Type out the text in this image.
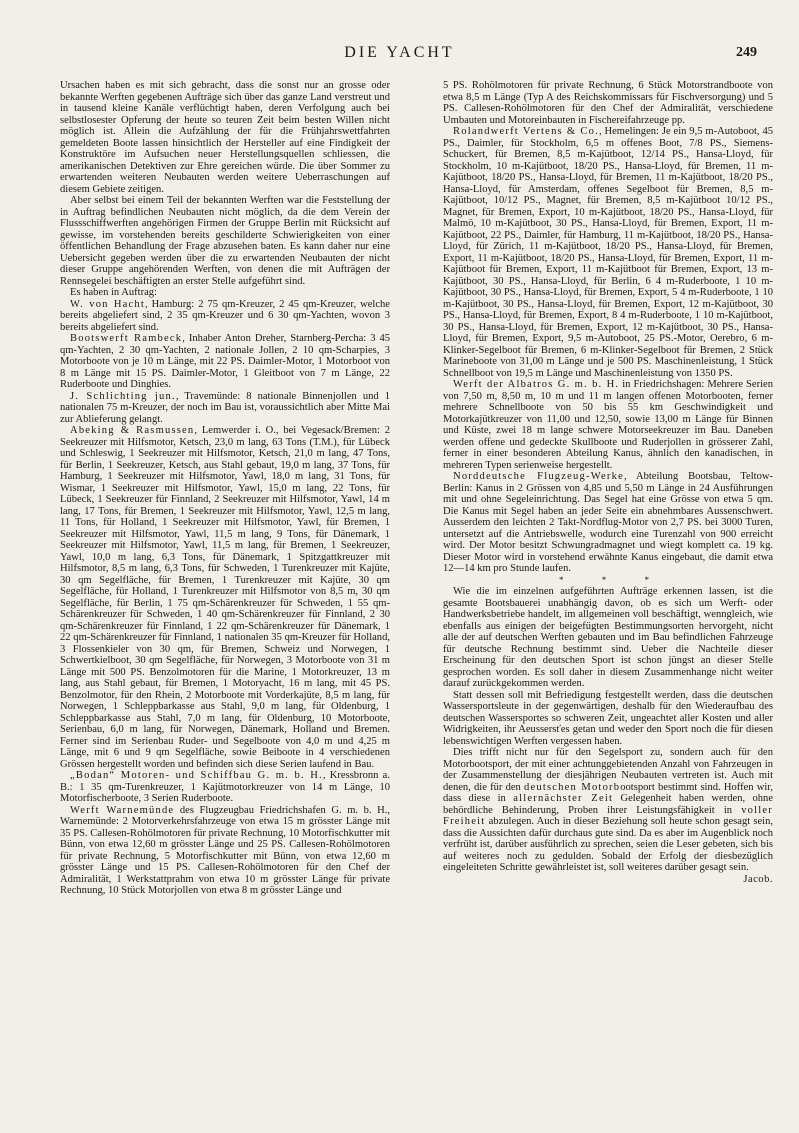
DIE YACHT	249

Ursachen haben es mit sich gebracht, dass die sonst nur an grosse oder bekannte Werften gegebenen Aufträge sich über das ganze Land verstreut und in tausend kleine Kanäle verflüchtigt haben, deren Verfolgung auch bei selbstlosester Opferung der heute so teuren Zeit beim besten Willen nicht möglich ist. Allein die Aufzählung der für die Frühjahrswettfahrten gemeldeten Boote lassen hinsichtlich der Hersteller auf eine Findigkeit der Konstruktöre im Aufsuchen neuer Herstellungsquellen schliessen, die amerikanischen Detektiven zur Ehre gereichen würde. Die über Sommer zu erwartenden weiteren Neubauten werden weitere Ueberraschungen auf diesem Gebiete zeitigen.

Aber selbst bei einem Teil der bekannten Werften war die Feststellung der in Auftrag befindlichen Neubauten nicht möglich, da die dem Verein der Flussschiffwerften angehörigen Firmen der Gruppe Berlin mit Rücksicht auf gewisse, im vorstehenden bereits geschilderte Schwierigkeiten von einer öffentlichen Behandlung der Frage abzusehen baten. Es kann daher nur eine Uebersicht gegeben werden über die zu erwartenden Neubauten der nicht dieser Gruppe angehörenden Werften, von denen die mit Aufträgen der Rennsegelei beschäftigten an erster Stelle aufgeführt sind.

Es haben in Auftrag:

W. von Hacht, Hamburg: 2 75 qm-Kreuzer, 2 45 qm-Kreuzer, welche bereits abgeliefert sind, 2 35 qm-Kreuzer und 6 30 qm-Yachten, wovon 3 bereits abgeliefert sind.

Bootswerft Rambeck, Inhaber Anton Dreher, Starnberg-Percha: 3 45 qm-Yachten, 2 30 qm-Yachten, 2 nationale Jollen, 2 10 qm-Scharpies, 3 Motorboote von je 10 m Länge, mit 22 PS. Daimler-Motor, 1 Motorboot von 8 m Länge mit 15 PS. Daimler-Motor, 1 Gleitboot von 7 m Länge, 22 Ruderboote und Dinghies.

J. Schlichting jun., Travemünde: 8 nationale Binnenjollen und 1 nationalen 75 m-Kreuzer, der noch im Bau ist, voraussichtlich aber Mitte Mai zur Ablieferung gelangt.

Abeking & Rasmussen, Lemwerder i. O., bei Vegesack/Bremen: 2 Seekreuzer mit Hilfsmotor, Ketsch, 23,0 m lang, 63 Tons (T.M.), für Lübeck und Schleswig, 1 Seekreuzer mit Hilfsmotor, Ketsch, 21,0 m lang, 47 Tons, für Berlin, 1 Seekreuzer, Ketsch, aus Stahl gebaut, 19,0 m lang, 37 Tons, für Hamburg, 1 Seekreuzer mit Hilfsmotor, Yawl, 18,0 m lang, 31 Tons, für Wismar, 1 Seekreuzer mit Hilfsmotor, Yawl, 15,0 m lang, 22 Tons, für Lübeck, 1 Seekreuzer für Finnland, 2 Seekreuzer mit Hilfsmotor, Yawl, 14 m lang, 17 Tons, für Bremen, 1 Seekreuzer mit Hilfsmotor, Yawl, 12,5 m lang, 11 Tons, für Holland, 1 Seekreuzer mit Hilfsmotor, Yawl, für Bremen, 1 Seekreuzer mit Hilfsmotor, Yawl, 11,5 m lang, 9 Tons, für Dänemark, 1 Seekreuzer mit Hilfsmotor, Yawl, 11,5 m lang, für Bremen, 1 Seekreuzer, Yawl, 10,0 m lang, 6,3 Tons, für Dänemark, 1 Spitzgattkreuzer mit Hilfsmotor, 8,5 m lang, 6,3 Tons, für Schweden, 1 Turenkreuzer mit Kajüte, 30 qm Segelfläche, für Bremen, 1 Turenkreuzer mit Kajüte, 30 qm Segelfläche, für Holland, 1 Turenkreuzer mit Hilfsmotor von 8,5 m, 30 qm Segelfläche, für Berlin, 1 75 qm-Schärenkreuzer für Schweden, 1 55 qm-Schärenkreuzer für Schweden, 1 40 qm-Schärenkreuzer für Finnland, 2 30 qm-Schärenkreuzer für Finnland, 1 22 qm-Schärenkreuzer für Dänemark, 1 22 qm-Schärenkreuzer für Finnland, 1 nationalen 35 qm-Kreuzer für Holland, 3 Flossenkieler von 30 qm, für Bremen, Schweiz und Norwegen, 1 Schwertkielboot, 30 qm Segelfläche, für Norwegen, 3 Motorboote von 31 m Länge mit 500 PS. Benzolmotoren für die Marine, 1 Motorkreuzer, 13 m lang, aus Stahl gebaut, für Bremen, 1 Motoryacht, 16 m lang, mit 45 PS. Benzolmotor, für den Rhein, 2 Motorboote mit Vorderkajüte, 8,5 m lang, für Norwegen, 1 Schleppbarkasse aus Stahl, 9,0 m lang, für Oldenburg, 1 Schleppbarkasse aus Stahl, 7,0 m lang, für Oldenburg, 10 Motorboote, Serienbau, 6,0 m lang, für Norwegen, Dänemark, Holland und Bremen. Ferner sind im Serienbau Ruder- und Segelboote von 4,0 m und 4,25 m Länge, mit 6 und 9 qm Segelfläche, sowie Beiboote in 4 verschiedenen Grössen hergestellt worden und befinden sich diese Serien laufend in Bau.

„Bodan“ Motoren- und Schiffbau G. m. b. H., Kressbronn a. B.: 1 35 qm-Turenkreuzer, 1 Kajütmotorkreuzer von 14 m Länge, 10 Motorfischerboote, 3 Serien Ruderboote.

Werft Warnemünde des Flugzeugbau Friedrichshafen G. m. b. H., Warnemünde: 2 Motorverkehrsfahrzeuge von etwa 15 m grösster Länge mit 35 PS. Callesen-Rohölmotoren für private Rechnung, 10 Motorfischkutter mit Bünn, von etwa 12,60 m grösster Länge und 25 PS. Callesen-Rohölmotoren für private Rechnung, 5 Motorfischkutter mit Bünn, von etwa 12,60 m grösster Länge und 15 PS. Callesen-Rohölmotoren für den Chef der Admiralität, 1 Werkstattprahm von etwa 10 m grösster Länge für private Rechnung, 10 Stück Motorjollen von etwa 8 m grösster Länge und

5 PS. Rohölmotoren für private Rechnung, 6 Stück Motorstrandboote von etwa 8,5 m Länge (Typ A des Reichskommissars für Fischversorgung) und 5 PS. Callesen-Rohölmotoren für den Chef der Admiralität, verschiedene Umbauten und Motoreinbauten in Fischereifahrzeuge pp.

Rolandwerft Vertens & Co., Hemelingen: Je ein 9,5 m-Autoboot, 45 PS., Daimler, für Stockholm, 6,5 m offenes Boot, 7/8 PS., Siemens-Schuckert, für Bremen, 8,5 m-Kajütboot, 12/14 PS., Hansa-Lloyd, für Stockholm, 10 m-Kajütboot, 18/20 PS., Hansa-Lloyd, für Bremen, 11 m-Kajütboot, 18/20 PS., Hansa-Lloyd, für Bremen, 11 m-Kajütboot, 18/20 PS., Hansa-Lloyd, für Amsterdam, offenes Segelboot für Bremen, 8,5 m-Kajütboot, 10/12 PS., Magnet, für Bremen, 8,5 m-Kajütboot 10/12 PS., Magnet, für Bremen, Export, 10 m-Kajütboot, 18/20 PS., Hansa-Lloyd, für Malmö, 10 m-Kajütboot, 30 PS., Hansa-Lloyd, für Bremen, Export, 11 m-Kajütboot, 22 PS., Daimler, für Hamburg, 11 m-Kajütboot, 18/20 PS., Hansa-Lloyd, für Zürich, 11 m-Kajütboot, 18/20 PS., Hansa-Lloyd, für Bremen, Export, 11 m-Kajütboot, 18/20 PS., Hansa-Lloyd, für Bremen, Export, 11 m-Kajütboot für Bremen, Export, 11 m-Kajütboot für Bremen, Export, 13 m-Kajütboot, 30 PS., Hansa-Lloyd, für Berlin, 6 4 m-Ruderboote, 1 10 m-Kajütboot, 30 PS., Hansa-Lloyd, für Bremen, Export, 5 4 m-Ruderboote, 1 10 m-Kajütboot, 30 PS., Hansa-Lloyd, für Bremen, Export, 12 m-Kajütboot, 30 PS., Hansa-Lloyd, für Bremen, Export, 8 4 m-Ruderboote, 1 10 m-Kajütboot, 30 PS., Hansa-Lloyd, für Bremen, Export, 12 m-Kajütboot, 30 PS., Hansa-Lloyd, für Bremen, Export, 9,5 m-Autoboot, 25 PS.-Motor, Oerebro, 6 m-Klinker-Segelboot für Bremen, 6 m-Klinker-Segelboot für Bremen, 2 Stück Marineboote von 31,00 m Länge und je 500 PS. Maschinenleistung, 1 Stück Schnellboot von 19,5 m Länge und Maschinenleistung von 1350 PS.

Werft der Albatros G. m. b. H. in Friedrichshagen: Mehrere Serien von 7,50 m, 8,50 m, 10 m und 11 m langen offenen Motorbooten, ferner mehrere Schnellboote von 50 bis 55 km Geschwindigkeit und Motorkajütkreuzer von 11,00 und 12,50, sowie 13,00 m Länge für Binnen und Küste, zwei 18 m lange schwere Motorseekreuzer im Bau. Daneben werden offene und gedeckte Skullboote und Ruderjollen in grösserer Zahl, ferner in einer besonderen Abteilung Kanus, ähnlich den kanadischen, in mehreren Typen serienweise hergestellt.

Norddeutsche Flugzeug-Werke, Abteilung Bootsbau, Teltow-Berlin: Kanus in 2 Grössen von 4,85 und 5,50 m Länge in 24 Ausführungen mit und ohne Segeleinrichtung. Das Segel hat eine Grösse von etwa 5 qm. Die Kanus mit Segel haben an jeder Seite ein abnehmbares Aussenschwert. Ausserdem den leichten 2 Takt-Nordflug-Motor von 2,7 PS. bei 3000 Turen, untersetzt auf die Antriebswelle, wodurch eine Turenzahl von 900 erreicht wird. Der Motor besitzt Schwungradmagnet und wiegt komplett ca. 19 kg. Dieser Motor wird in vorstehend erwähnte Kanus eingebaut, die damit etwa 12—14 km pro Stunde laufen.

* * *

Wie die im einzelnen aufgeführten Aufträge erkennen lassen, ist die gesamte Bootsbauerei unabhängig davon, ob es sich um Werft- oder Handwerksbetriebe handelt, im allgemeinen voll beschäftigt, wenngleich, wie ebenfalls aus einigen der beigefügten Bestimmungsorten hervorgeht, nicht alle der auf deutschen Werften gebauten und im Bau befindlichen Fahrzeuge für deutsche Rechnung bestimmt sind. Ueber die Nachteile dieser Erscheinung für den deutschen Sport ist schon jüngst an dieser Stelle gesprochen worden. Es soll daher in diesem Zusammenhange nicht weiter darauf zurückgekommen werden.

Statt dessen soll mit Befriedigung festgestellt werden, dass die deutschen Wassersportsleute in der gegenwärtigen, deshalb für den Wiederaufbau des deutschen Wassersportes so schweren Zeit, ungeachtet aller Kosten und aller Widrigkeiten, ihr Aeussersťes getan und weder den Sport noch die für diesen lebenswichtigen Werften vergessen haben.

Dies trifft nicht nur für den Segelsport zu, sondern auch für den Motorbootsport, der mit einer achtunggebietenden Anzahl von Fahrzeugen in der Zusammenstellung der diesjährigen Neubauten vertreten ist. Auch mit denen, die für den deutschen Motorbootsport bestimmt sind. Hoffen wir, dass diese in allernächster Zeit Gelegenheit haben werden, ohne behördliche Behinderung, Proben ihrer Leistungsfähigkeit in voller Freiheit abzulegen. Auch in dieser Beziehung soll heute schon gesagt sein, dass die Aussichten dafür durchaus gute sind. Da es aber im Augenblick noch verfrüht ist, darüber ausführlich zu sprechen, seien die Leser gebeten, sich bis auf weiteres noch zu gedulden. Sobald der Erfolg der diesbezüglich eingeleiteten Schritte gewährleistet ist, soll weiteres darüber gesagt sein.

Jacob.
